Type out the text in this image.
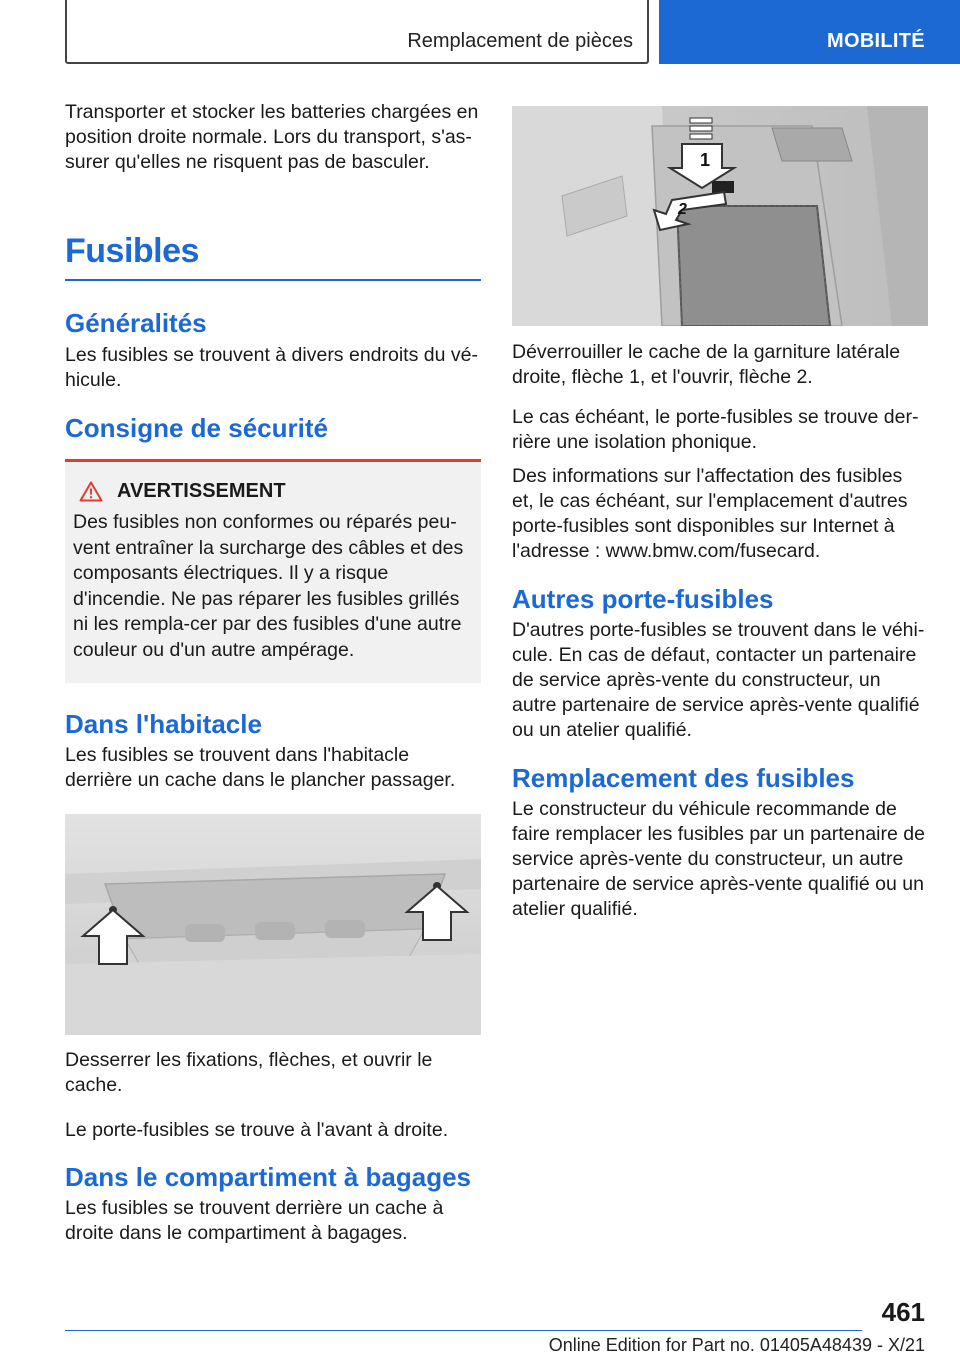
Remplacement de pièces	MOBILITÉ

Transporter et stocker les batteries chargées en position droite normale. Lors du transport, s'as-surer qu'elles ne risquent pas de basculer.

Fusibles
Généralités

Les fusibles se trouvent à divers endroits du vé-hicule.

Consigne de sécurité
AVERTISSEMENT

Des fusibles non conformes ou réparés peu-vent entraîner la surcharge des câbles et des composants électriques. Il y a risque d'incendie. Ne pas réparer les fusibles grillés ni les rempla-cer par des fusibles d'une autre couleur ou d'un autre ampérage.

Dans l'habitacle

Les fusibles se trouvent dans l'habitacle derrière un cache dans le plancher passager.

Desserrer les fixations, flèches, et ouvrir le cache.

Le porte-fusibles se trouve à l'avant à droite.

Dans le compartiment à bagages

Les fusibles se trouvent derrière un cache à droite dans le compartiment à bagages.

1
2

Déverrouiller le cache de la garniture latérale droite, flèche 1, et l'ouvrir, flèche 2.

Le cas échéant, le porte-fusibles se trouve der-rière une isolation phonique.

Des informations sur l'affectation des fusibles et, le cas échéant, sur l'emplacement d'autres porte-fusibles sont disponibles sur Internet à l'adresse : www.bmw.com/fusecard.

Autres porte-fusibles

D'autres porte-fusibles se trouvent dans le véhi-cule. En cas de défaut, contacter un partenaire de service après-vente du constructeur, un autre partenaire de service après-vente qualifié ou un atelier qualifié.

Remplacement des fusibles

Le constructeur du véhicule recommande de faire remplacer les fusibles par un partenaire de service après-vente du constructeur, un autre partenaire de service après-vente qualifié ou un atelier qualifié.

461
Online Edition for Part no. 01405A48439 - X/21
